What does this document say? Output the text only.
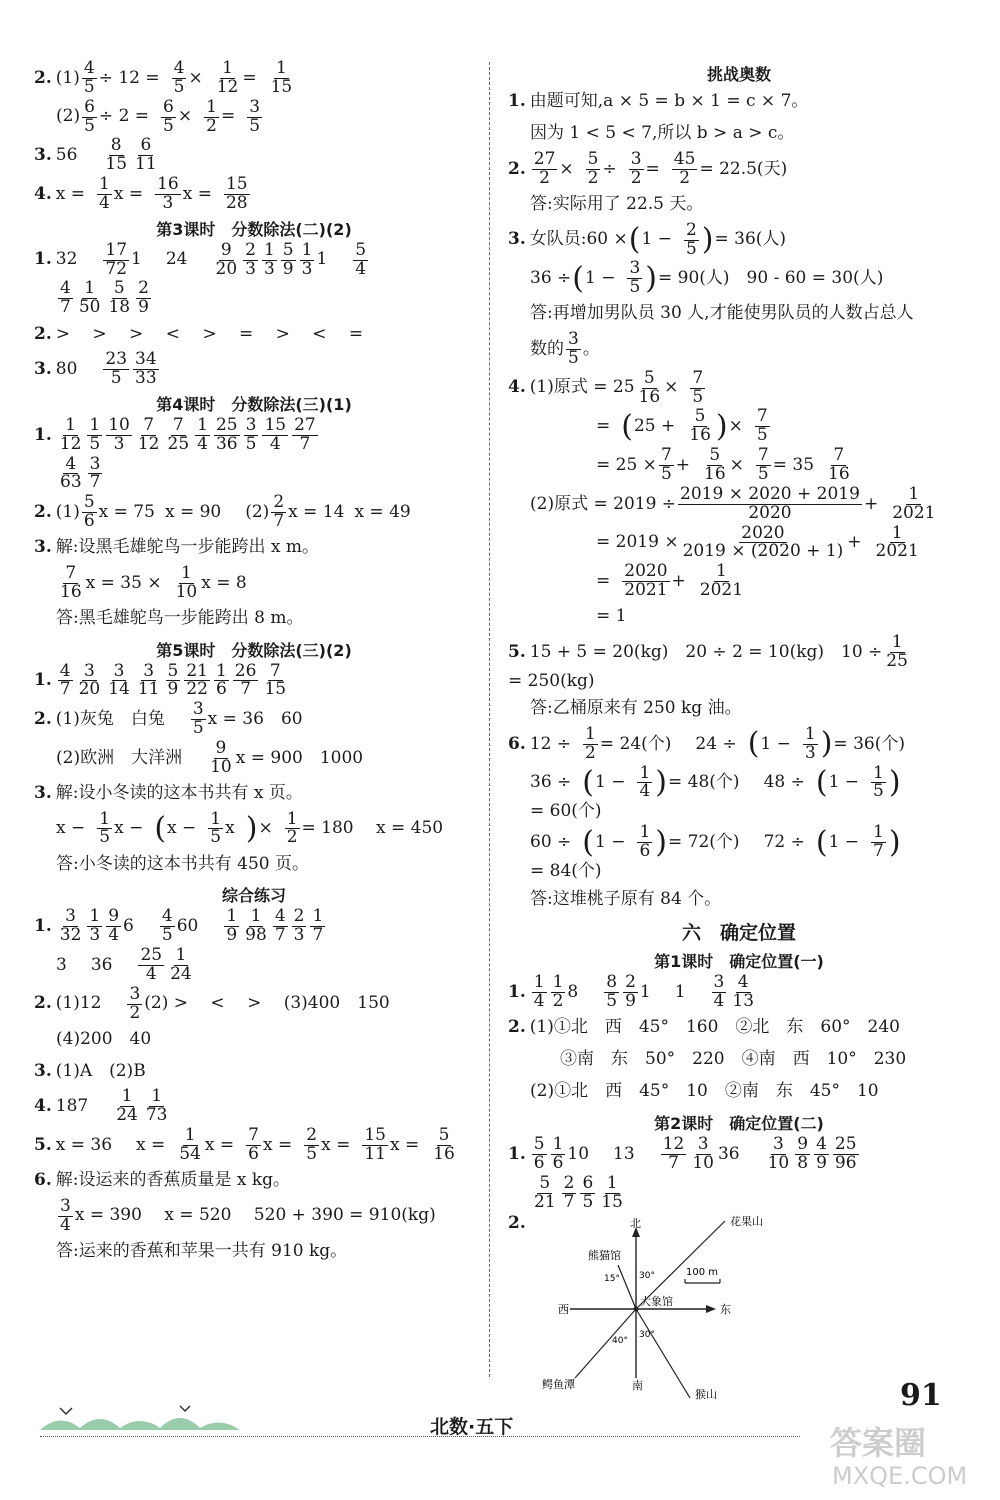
2. $(1) \frac{4}{5} \div 12 = \frac{4}{5} \times \frac{1}{12} = \frac{1}{15}$
$(2) \frac{6}{5} \div 2 = \frac{6}{5} \times \frac{1}{2} = \frac{3}{5}$
3. 56 8
15
6
11
4. $x = \frac{1}{4}$ $x = \frac{16}{3}$ $x = \frac{15}{28}$
第3课时　分数除法(二)(2)
1. 32 17
72 1 24 9
20
2
3
1
3
5
9
1
3 1 5
4
4
7
1
50
5
18
2
9
2. >　 >　 >　 <　 >　 =　 >　 <　 =
3. 80 23
5
34
33
第4课时　分数除法(三)(1)
1. 1
12
1
5
10
3
7
12
7
25
1
4
25
36
3
5
15
4
27
7
4
63
3
7
2. (1) 5
6 x = 75 x = 90 (2) 2
7 x = 14 x = 49
3. 解:设黑毛雄鸵鸟一步能跨出 x m。
7
16 $x = 35 \times \frac{1}{10}$ x = 8
答:黑毛雄鸵鸟一步能跨出 8 m。
第5课时　分数除法(三)(2)
1. 4
7
3
20
3
14
3
11
5
9
21
22
1
6
26
7
7
15
2. (1)灰兔　白兔 3
5 x = 36　60
(2)欧洲　大洋洲 9
10 x = 900　1000
3. 解:设小冬读的这本书共有 x 页。
$x - \frac{1}{5}$ x − ( $x - \frac{1}{5}$ x ) × $\frac{1}{2} = 180$　 x = 450
答:小冬读的这本书共有 450 页。
综合练习
1. 3
32
1
3
9
4 6 4
5 60 1
9
1
98
4
7
2
3
1
7
3 36 25
4
1
24
2. (1)12 3
2 (2) >　 <　 >　 (3)400　150
(4)200　40
3. (1)A　(2)B
4. 187 1
24
1
73
5. x = 36 $x = \frac{1}{54}$ $x = \frac{7}{6}$ $x = \frac{2}{5}$ $x = \frac{15}{11}$ $x = \frac{5}{16}$
6. 解:设运来的香蕉质量是 x kg。
3
4 x = 390　 x = 520　 520 + 390 = 910(kg)
答:运来的香蕉和苹果一共有 910 kg。
挑战奥数
1. 由题可知,a × 5 = b × 1 = c × 7。
因为 1 < 5 < 7,所以 b > a > c。
2. $\frac{27}{2} \times \frac{5}{2} \div \frac{3}{2} = \frac{45}{2} = 22.5$(天)
答:实际用了 22.5 天。
3. 女队员:60 × ( $1 - \frac{2}{5}$ ) = 36(人)
36 ÷ ( $1 - \frac{3}{5}$ ) = 90(人)　90 - 60 = 30(人)
答:再增加男队员 30 人,才能使男队员的人数占总人
数的 3
5 。
4. (1)原式 = $25 \frac{5}{16} \times \frac{7}{5}$
= ( $25 + \frac{5}{16}$ ) × $\frac{7}{5}$
= $25 \times \frac{7}{5} + \frac{5}{16} \times \frac{7}{5} = 35$ 7
16
(2)原式 = $2019 \div \frac{2019 \times 2020 + 2019}{2020} + \frac{1}{2021}$
= $2019 \times \frac{2020}{2019 \times (2020 + 1)} + \frac{1}{2021}$
= $\frac{2020}{2021} + \frac{1}{2021}$
= 1
5. 15 + 5 = 20(kg)　20 ÷ 2 = 10(kg)　$10 \div \frac{1}{25}$
= 250(kg)
答:乙桶原来有 250 kg 油。
6. $12 \div \frac{1}{2} = 24$(个) 24 ÷ ( $1 - \frac{1}{3}$ ) = 36(个)
36 ÷ ( $1 - \frac{1}{4}$ ) = 48(个) 48 ÷ ( $1 - \frac{1}{5}$ )
= 60(个)
60 ÷ ( $1 - \frac{1}{6}$ ) = 72(个) 72 ÷ ( $1 - \frac{1}{7}$ )
= 84(个)
答:这堆桃子原有 84 个。
六　确定位置
第1课时　确定位置(一)
1. 1
4
1
2 8 8
5
2
9 1 1 3
4
4
13
2. (1)①北　西　45°　160　②北　东　60°　240
③南　东　50°　220　④南　西　10°　230
(2)①北　西　45°　10　②南　东　45°　10
第2课时　确定位置(二)
1. 5
6
1
6 10 13 12
7
3
10 36 3
10
9
8
4
9
25
96
5
21
2
7
6
5
1
15
2.
100 m
北
南
西	东
大象馆
熊猫馆
花果山
鳄鱼潭
猴山
15° 30°
30°
40°
北数·五下
91
答案圈
MXQE.COM
